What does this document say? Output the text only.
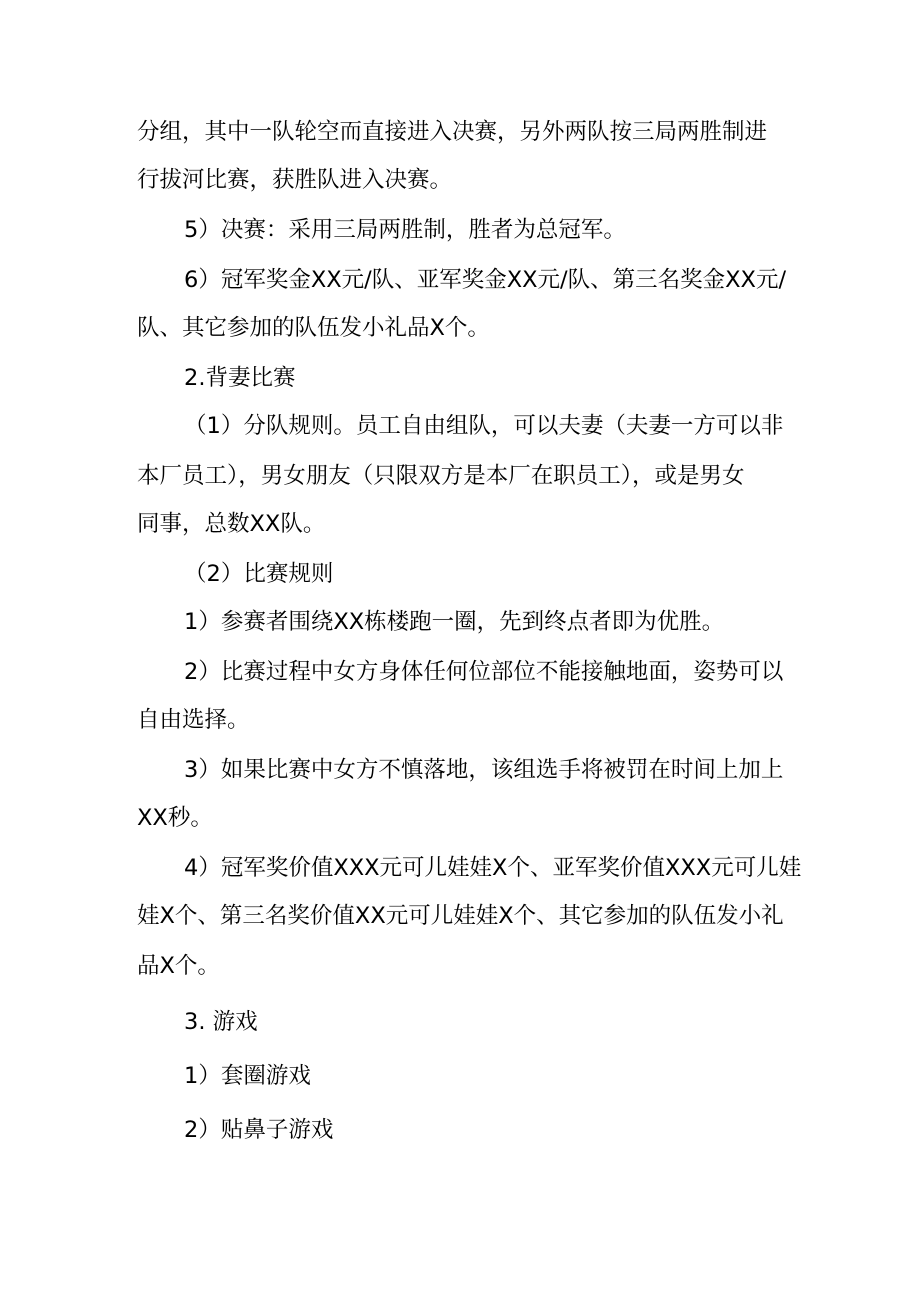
分组，其中一队轮空而直接进入决赛，另外两队按三局两胜制进
行拔河比赛，获胜队进入决赛。
5）决赛：采用三局两胜制，胜者为总冠军。
6）冠军奖金XX元/队、亚军奖金XX元/队、第三名奖金XX元/
队、其它参加的队伍发小礼品X个。
2.背妻比赛
（1）分队规则。员工自由组队，可以夫妻（夫妻一方可以非
本厂员工），男女朋友（只限双方是本厂在职员工），或是男女
同事，总数XX队。
（2）比赛规则
1）参赛者围绕XX栋楼跑一圈，先到终点者即为优胜。
2）比赛过程中女方身体任何位部位不能接触地面，姿势可以
自由选择。
3）如果比赛中女方不慎落地，该组选手将被罚在时间上加上
XX秒。
4）冠军奖价值XXX元可儿娃娃X个、亚军奖价值XXX元可儿娃
娃X个、第三名奖价值XX元可儿娃娃X个、其它参加的队伍发小礼
品X个。
3. 游戏
1）套圈游戏
2）贴鼻子游戏
